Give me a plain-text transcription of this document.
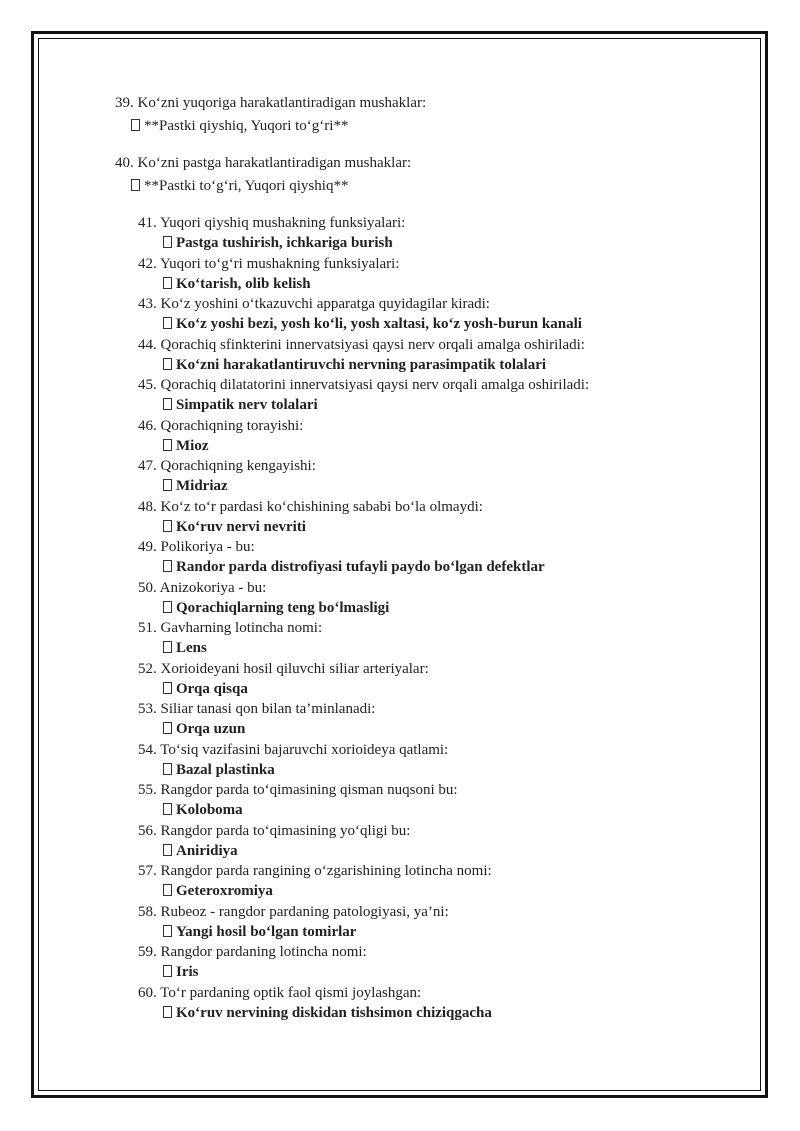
39. Koʻzni yuqoriga harakatlantiradigan mushaklar:
**Pastki qiyshiq, Yuqori toʻgʻri**
40. Koʻzni pastga harakatlantiradigan mushaklar:
**Pastki toʻgʻri, Yuqori qiyshiq**
41. Yuqori qiyshiq mushakning funksiyalari:
Pastga tushirish, ichkariga burish
42. Yuqori toʻgʻri mushakning funksiyalari:
Koʻtarish, olib kelish
43. Koʻz yoshini oʻtkazuvchi apparatga quyidagilar kiradi:
Koʻz yoshi bezi, yosh koʻli, yosh xaltasi, koʻz yosh-burun kanali
44. Qorachiq sfinkterini innervatsiyasi qaysi nerv orqali amalga oshiriladi:
Koʻzni harakatlantiruvchi nervning parasimpatik tolalari
45. Qorachiq dilatatorini innervatsiyasi qaysi nerv orqali amalga oshiriladi:
Simpatik nerv tolalari
46. Qorachiqning torayishi:
Mioz
47. Qorachiqning kengayishi:
Midriaz
48. Koʻz toʻr pardasi koʻchishining sababi boʻla olmaydi:
Koʻruv nervi nevriti
49. Polikoriya - bu:
Randor parda distrofiyasi tufayli paydo boʻlgan defektlar
50. Anizokoriya - bu:
Qorachiqlarning teng boʻlmasligi
51. Gavharning lotincha nomi:
Lens
52. Xorioideyani hosil qiluvchi siliar arteriyalar:
Orqa qisqa
53. Siliar tanasi qon bilan ta’minlanadi:
Orqa uzun
54. Toʻsiq vazifasini bajaruvchi xorioideya qatlami:
Bazal plastinka
55. Rangdor parda toʻqimasining qisman nuqsoni bu:
Koloboma
56. Rangdor parda toʻqimasining yoʻqligi bu:
Aniridiya
57. Rangdor parda rangining oʻzgarishining lotincha nomi:
Geteroxromiya
58. Rubeoz - rangdor pardaning patologiyasi, ya’ni:
Yangi hosil boʻlgan tomirlar
59. Rangdor pardaning lotincha nomi:
Iris
60. Toʻr pardaning optik faol qismi joylashgan:
Koʻruv nervining diskidan tishsimon chiziqgacha
